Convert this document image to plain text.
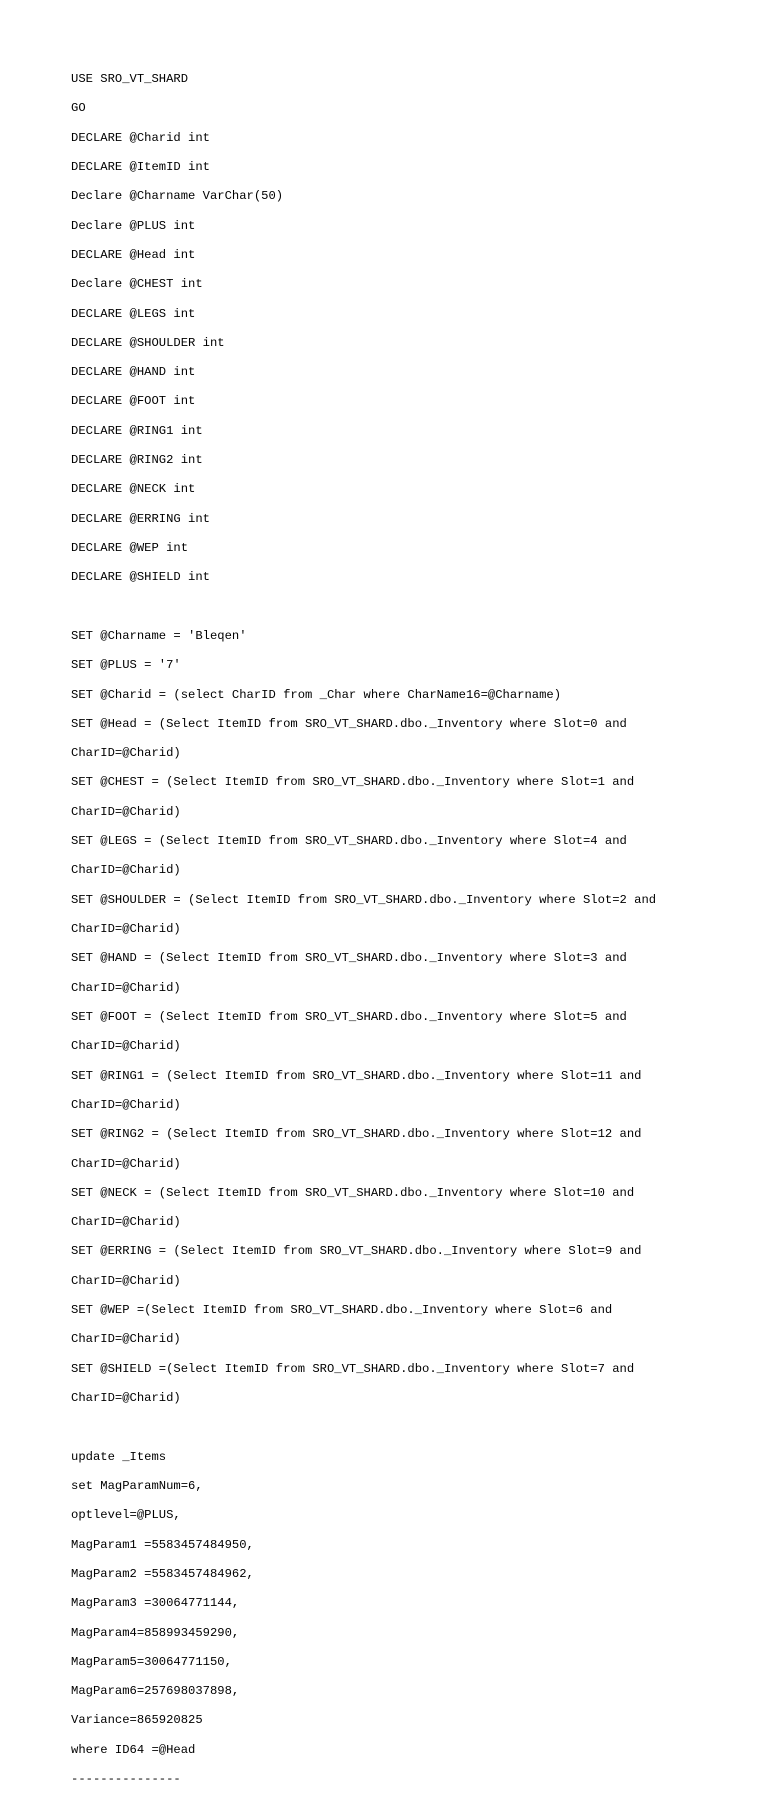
USE SRO_VT_SHARD

GO

DECLARE @Charid int

DECLARE @ItemID int

Declare @Charname VarChar(50)

Declare @PLUS int

DECLARE @Head int

Declare @CHEST int

DECLARE @LEGS int

DECLARE @SHOULDER int

DECLARE @HAND int

DECLARE @FOOT int

DECLARE @RING1 int

DECLARE @RING2 int

DECLARE @NECK int

DECLARE @ERRING int

DECLARE @WEP int

DECLARE @SHIELD int

SET @Charname = 'Bleqen'

SET @PLUS = '7'

SET @Charid = (select CharID from _Char where CharName16=@Charname)

SET @Head = (Select ItemID from SRO_VT_SHARD.dbo._Inventory where Slot=0 and

CharID=@Charid)

SET @CHEST = (Select ItemID from SRO_VT_SHARD.dbo._Inventory where Slot=1 and

CharID=@Charid)

SET @LEGS = (Select ItemID from SRO_VT_SHARD.dbo._Inventory where Slot=4 and

CharID=@Charid)

SET @SHOULDER = (Select ItemID from SRO_VT_SHARD.dbo._Inventory where Slot=2 and

CharID=@Charid)

SET @HAND = (Select ItemID from SRO_VT_SHARD.dbo._Inventory where Slot=3 and

CharID=@Charid)

SET @FOOT = (Select ItemID from SRO_VT_SHARD.dbo._Inventory where Slot=5 and

CharID=@Charid)

SET @RING1 = (Select ItemID from SRO_VT_SHARD.dbo._Inventory where Slot=11 and

CharID=@Charid)

SET @RING2 = (Select ItemID from SRO_VT_SHARD.dbo._Inventory where Slot=12 and

CharID=@Charid)

SET @NECK = (Select ItemID from SRO_VT_SHARD.dbo._Inventory where Slot=10 and

CharID=@Charid)

SET @ERRING = (Select ItemID from SRO_VT_SHARD.dbo._Inventory where Slot=9 and

CharID=@Charid)

SET @WEP =(Select ItemID from SRO_VT_SHARD.dbo._Inventory where Slot=6 and

CharID=@Charid)

SET @SHIELD =(Select ItemID from SRO_VT_SHARD.dbo._Inventory where Slot=7 and

CharID=@Charid)

update _Items

set MagParamNum=6,

optlevel=@PLUS,

MagParam1 =5583457484950,

MagParam2 =5583457484962,

MagParam3 =30064771144,

MagParam4=858993459290,

MagParam5=30064771150,

MagParam6=257698037898,

Variance=865920825

where ID64 =@Head

---------------
